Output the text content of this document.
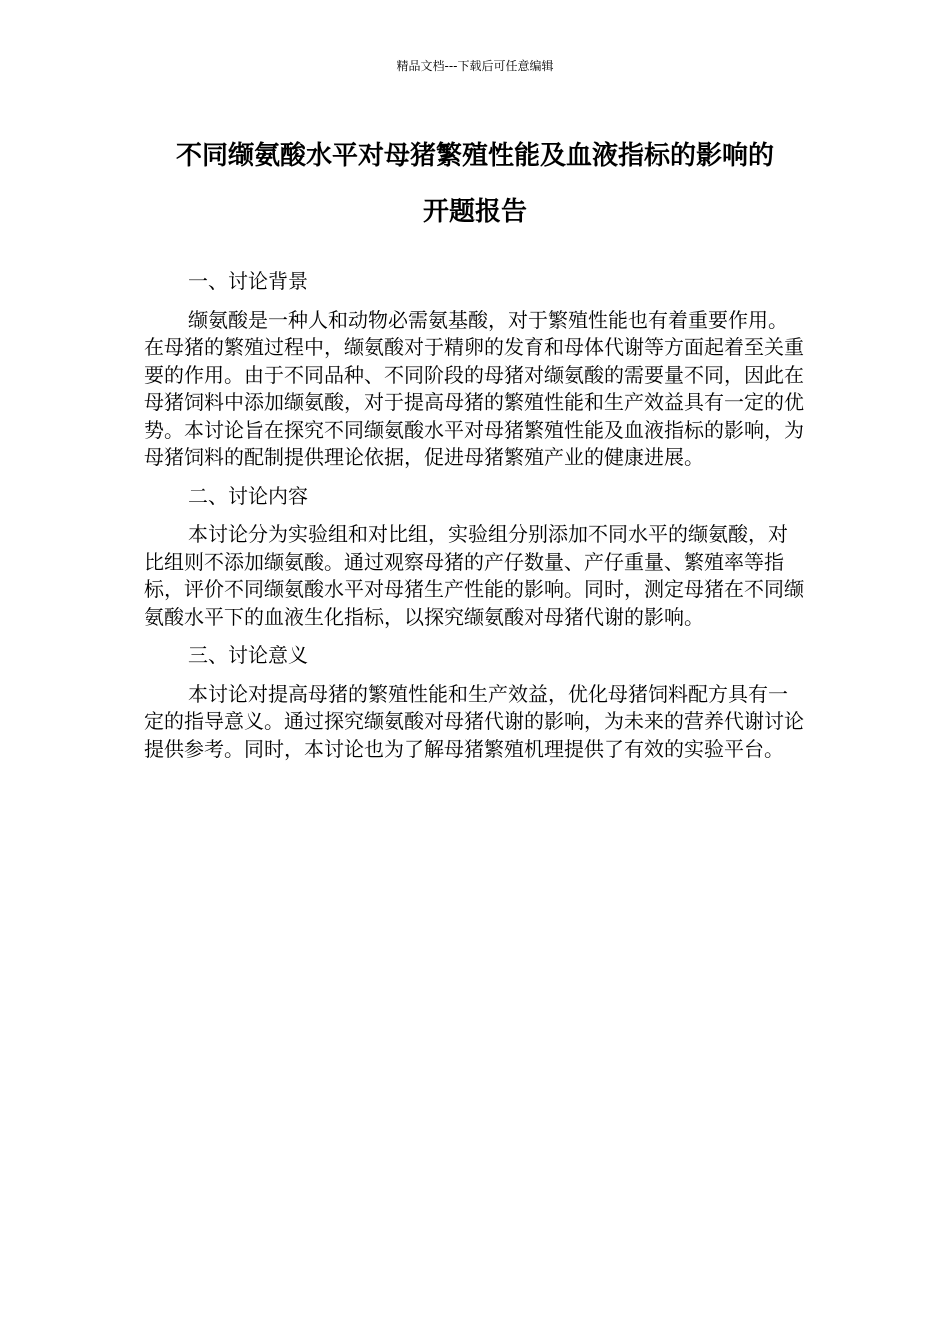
精品文档---下载后可任意编辑
不同缬氨酸水平对母猪繁殖性能及血液指标的影响的
开题报告

一、讨论背景

缬氨酸是一种人和动物必需氨基酸，对于繁殖性能也有着重要作用。在母猪的繁殖过程中，缬氨酸对于精卵的发育和母体代谢等方面起着至关重要的作用。由于不同品种、不同阶段的母猪对缬氨酸的需要量不同，因此在母猪饲料中添加缬氨酸，对于提高母猪的繁殖性能和生产效益具有一定的优势。本讨论旨在探究不同缬氨酸水平对母猪繁殖性能及血液指标的影响，为母猪饲料的配制提供理论依据，促进母猪繁殖产业的健康进展。

二、讨论内容

本讨论分为实验组和对比组，实验组分别添加不同水平的缬氨酸，对比组则不添加缬氨酸。通过观察母猪的产仔数量、产仔重量、繁殖率等指标，评价不同缬氨酸水平对母猪生产性能的影响。同时，测定母猪在不同缬氨酸水平下的血液生化指标，以探究缬氨酸对母猪代谢的影响。

三、讨论意义

本讨论对提高母猪的繁殖性能和生产效益，优化母猪饲料配方具有一定的指导意义。通过探究缬氨酸对母猪代谢的影响，为未来的营养代谢讨论提供参考。同时，本讨论也为了解母猪繁殖机理提供了有效的实验平台。
